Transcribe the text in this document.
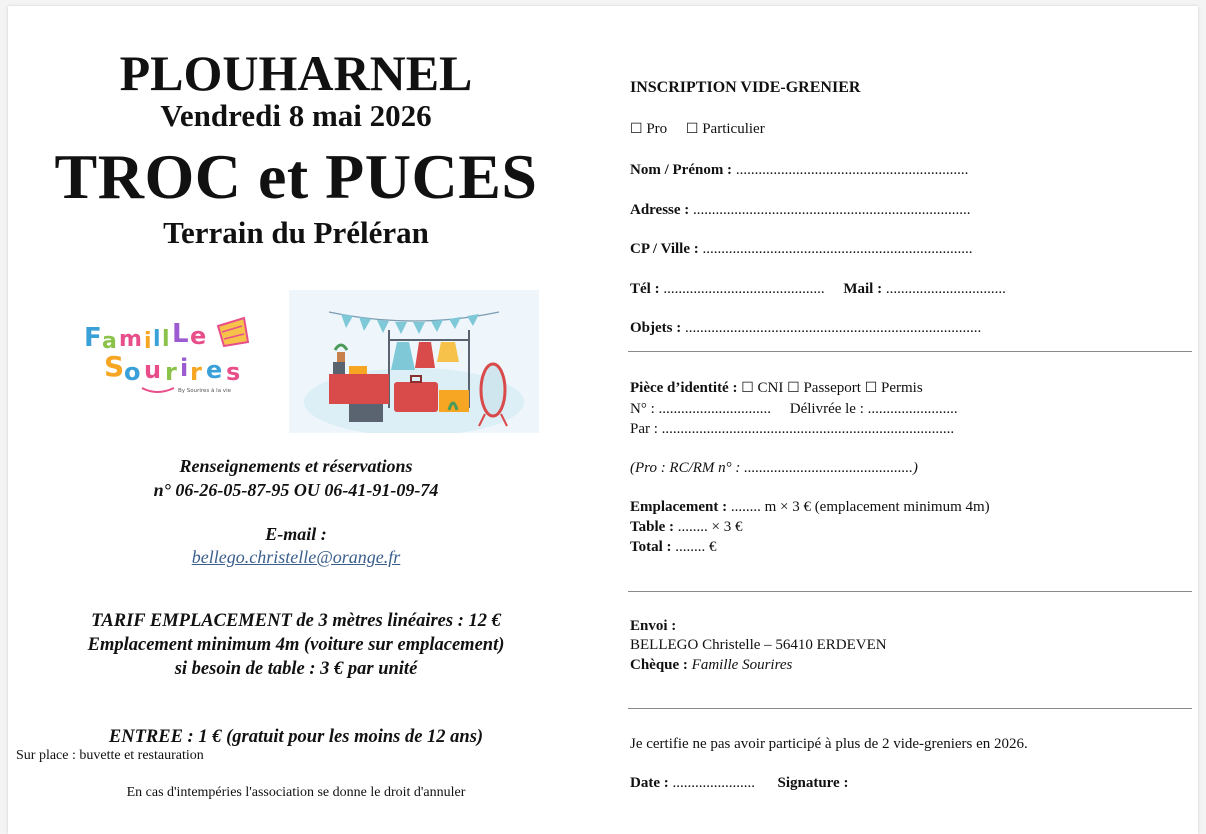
PLOUHARNEL
Vendredi 8 mai 2026
TROC et PUCES
Terrain du Préléran
F a m i l l L e
S o u r i r e s
By Sourires à la vie
Renseignements et réservations
n° 06-26-05-87-95 OU 06-41-91-09-74
E-mail :
bellego.christelle@orange.fr
TARIF EMPLACEMENT de 3 mètres linéaires : 12 €
Emplacement minimum 4m (voiture sur emplacement)
si besoin de table : 3 € par unité
ENTREE : 1 € (gratuit pour les moins de 12 ans)
Sur place : buvette et restauration
En cas d'intempéries l'association se donne le droit d'annuler
INSCRIPTION VIDE-GRENIER
☐ Pro ☐ Particulier
Nom / Prénom : ..............................................................
Adresse : ..........................................................................
CP / Ville : ........................................................................
Tél : ........................................... Mail : ................................
Objets : ...............................................................................
Pièce d’identité : ☐ CNI ☐ Passeport ☐ Permis
N° : .............................. Délivrée le : ........................
Par : ..............................................................................
(Pro : RC/RM n° : .............................................)
Emplacement : ........ m × 3 € (emplacement minimum 4m)
Table : ........ × 3 €
Total : ........ €
Envoi :
BELLEGO Christelle – 56410 ERDEVEN
Chèque : Famille Sourires
Je certifie ne pas avoir participé à plus de 2 vide-greniers en 2026.
Date : ...................... Signature :
